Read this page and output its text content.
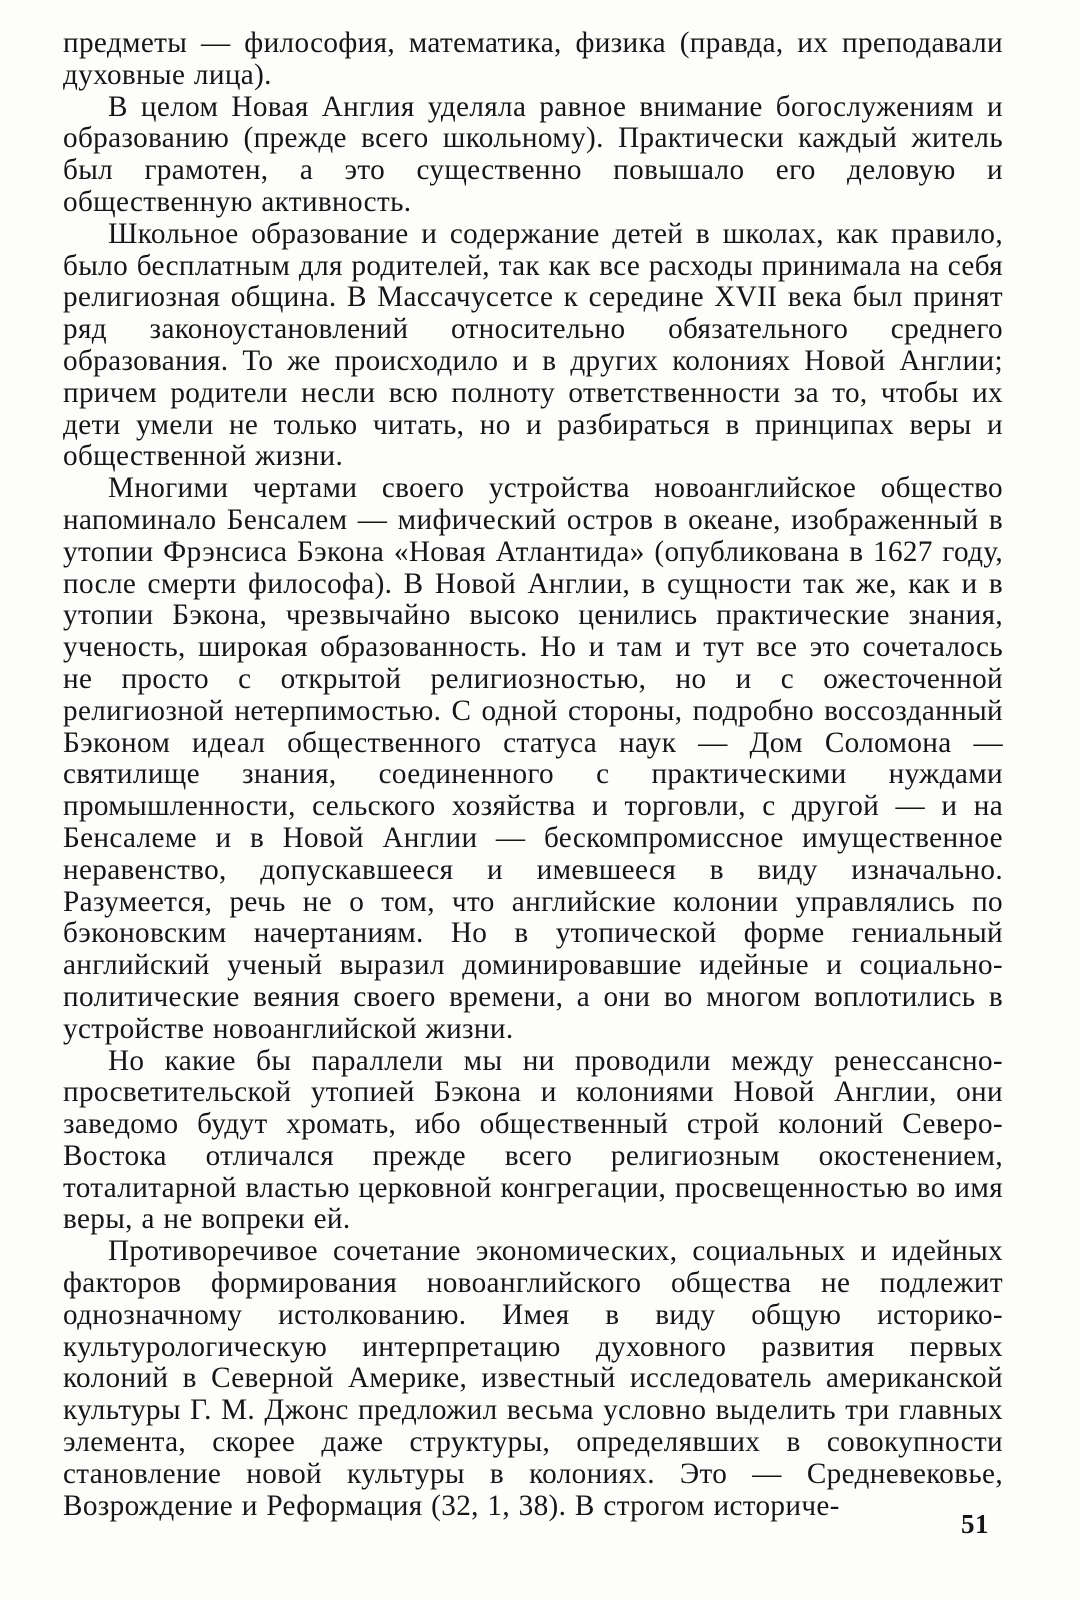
предметы — философия, математика, физика (правда, их преподавали духовные лица).

В целом Новая Англия уделяла равное внимание богослужениям и образованию (прежде всего школьному). Практически каждый житель был грамотен, а это существенно повышало его деловую и общественную активность.

Школьное образование и содержание детей в школах, как правило, было бесплатным для родителей, так как все расходы принимала на себя религиозная община. В Массачусетсе к середине XVII века был принят ряд законоустановлений относительно обязательного среднего образования. То же происходило и в других колониях Новой Англии; причем родители несли всю полноту ответственности за то, чтобы их дети умели не только читать, но и разбираться в принципах веры и общественной жизни.

Многими чертами своего устройства новоанглийское общество напоминало Бенсалем — мифический остров в океане, изображенный в утопии Фрэнсиса Бэкона «Новая Атлантида» (опубликована в 1627 году, после смерти философа). В Новой Англии, в сущности так же, как и в утопии Бэкона, чрезвычайно высоко ценились практические знания, ученость, широкая образованность. Но и там и тут все это сочеталось не просто с открытой религиозностью, но и с ожесточенной религиозной нетерпимостью. С одной стороны, подробно воссозданный Бэконом идеал общественного статуса наук — Дом Соломона — святилище знания, соединенного с практическими нуждами промышленности, сельского хозяйства и торговли, с другой — и на Бенсалеме и в Новой Англии — бескомпромиссное имущественное неравенство, допускавшееся и имевшееся в виду изначально. Разумеется, речь не о том, что английские колонии управлялись по бэконовским начертаниям. Но в утопической форме гениальный английский ученый выразил доминировавшие идейные и социально-политические веяния своего времени, а они во многом воплотились в устройстве новоанглийской жизни.

Но какие бы параллели мы ни проводили между ренессансно-просветительской утопией Бэкона и колониями Новой Англии, они заведомо будут хромать, ибо общественный строй колоний Северо-Востока отличался прежде всего религиозным окостенением, тоталитарной властью церковной конгрегации, просвещенностью во имя веры, а не вопреки ей.

Противоречивое сочетание экономических, социальных и идейных факторов формирования новоанглийского общества не подлежит однозначному истолкованию. Имея в виду общую историко-культурологическую интерпретацию духовного развития первых колоний в Северной Америке, известный исследователь американской культуры Г. М. Джонс предложил весьма условно выделить три главных элемента, скорее даже структуры, определявших в совокупности становление новой культуры в колониях. Это — Средневековье, Возрождение и Реформация (32, 1, 38). В строгом историче-

51
